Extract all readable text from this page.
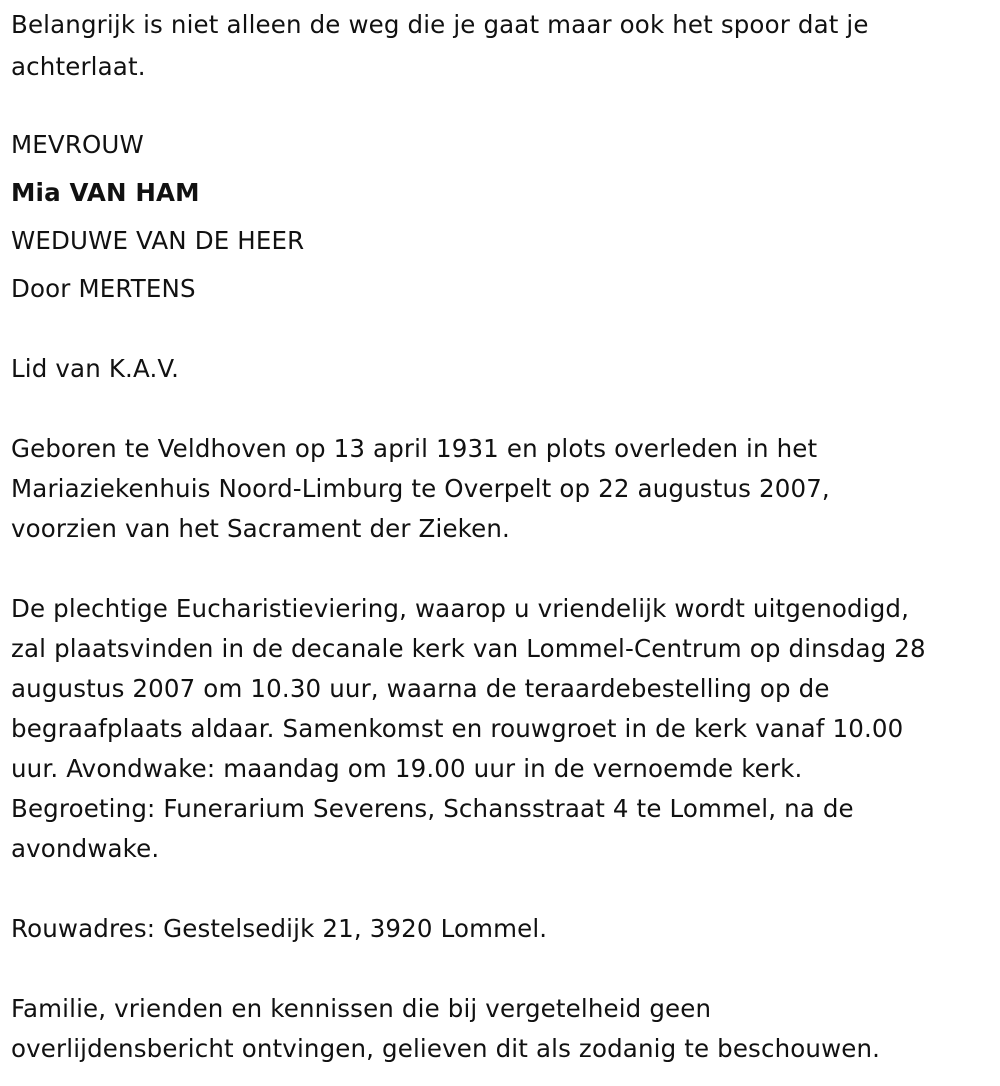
Belangrijk is niet alleen de weg die je gaat maar ook het spoor dat je
achterlaat.
MEVROUW
Mia VAN HAM
WEDUWE VAN DE HEER
Door MERTENS
Lid van K.A.V.
Geboren te Veldhoven op 13 april 1931 en plots overleden in het
Mariaziekenhuis Noord-Limburg te Overpelt op 22 augustus 2007,
voorzien van het Sacrament der Zieken.
De plechtige Eucharistieviering, waarop u vriendelijk wordt uitgenodigd,
zal plaatsvinden in de decanale kerk van Lommel-Centrum op dinsdag 28
augustus 2007 om 10.30 uur, waarna de teraardebestelling op de
begraafplaats aldaar. Samenkomst en rouwgroet in de kerk vanaf 10.00
uur. Avondwake: maandag om 19.00 uur in de vernoemde kerk.
Begroeting: Funerarium Severens, Schansstraat 4 te Lommel, na de
avondwake.
Rouwadres: Gestelsedijk 21, 3920 Lommel.
Familie, vrienden en kennissen die bij vergetelheid geen
overlijdensbericht ontvingen, gelieven dit als zodanig te beschouwen.
